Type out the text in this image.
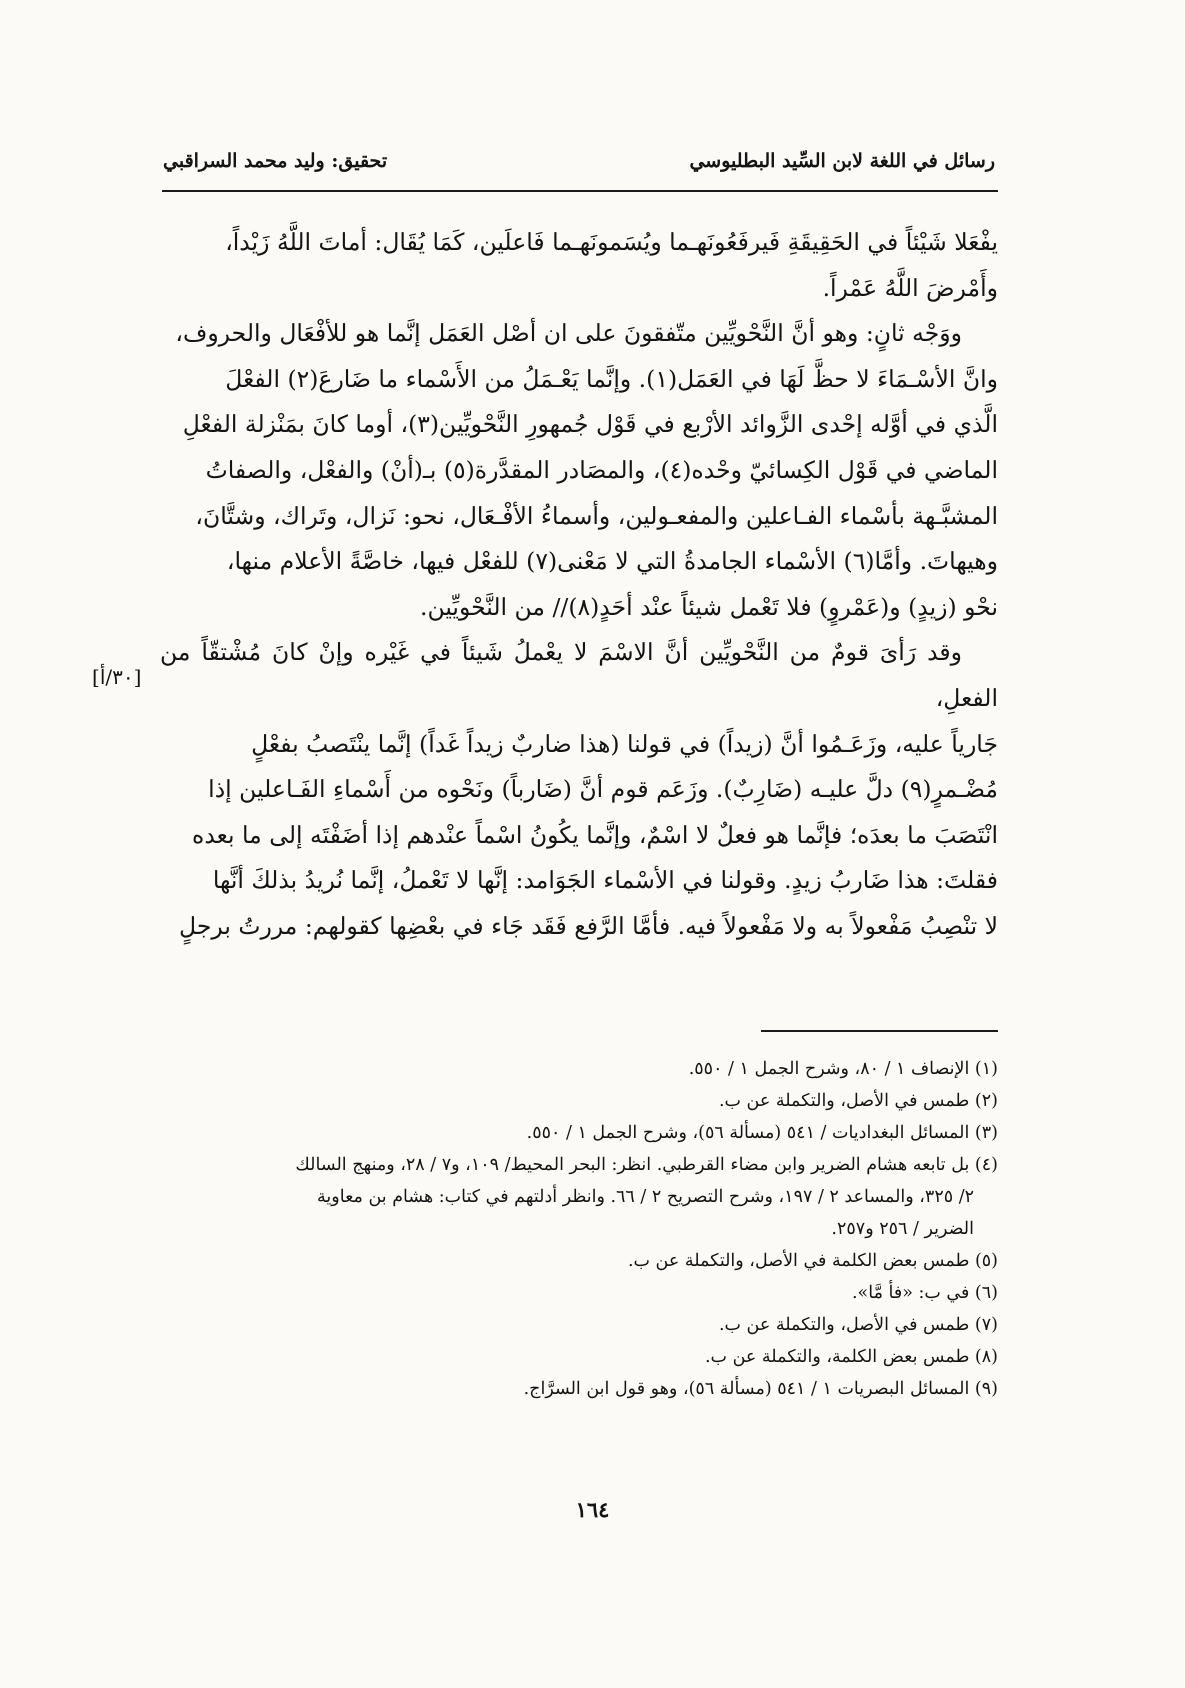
رسائل في اللغة لابن السِّيد البطليوسي
تحقيق: وليد محمد السراقبي

يفْعَلا شَيْئاً في الحَقِيقَةِ فَيرفَعُونَهـما ويُسَمونَهـما فَاعلَين، كَمَا يُقَال: أماتَ اللَّهُ زَيْداً،

وأَمْرضَ اللَّهُ عَمْراً.

ووَجْه ثانٍ: وهو أنَّ النَّحْويِّين متّفقونَ على ان أصْل العَمَل إنَّما هو للأفْعَال والحروف،

وانَّ الأسْـمَاءَ لا حظَّ لَهَا في العَمَل(١). وإنَّما يَعْـمَلُ من الأَسْماء ما ضَارعَ(٢) الفعْلَ

الَّذي في أوَّله إحْدى الزَّوائد الأرْبع في قَوْل جُمهورِ النَّحْويِّين(٣)، أوما كانَ بمَنْزلة الفعْلِ

الماضي في قَوْل الكِسائيّ وحْده(٤)، والمصَادر المقدَّرة(٥) بـ(أنْ) والفعْل، والصفاتُ

المشبَّـهة بأسْماء الفـاعلين والمفعـولين، وأسماءُ الأفْـعَال، نحو: نَزال، وتَراك، وشتَّانَ،

وهيهاتَ. وأمَّا(٦) الأسْماء الجامدةُ التي لا مَعْنى(٧) للفعْل فيها، خاصَّةً الأعلام منها،

نحْو (زيدٍ) و(عَمْروٍ) فلا تَعْمل شيئاً عنْد أحَدٍ(٨)// من النَّحْويِّين.

وقد رَأىَ قومٌ من النَّحْويِّين أنَّ الاسْمَ لا يعْملُ شَيئاً في غَيْره وإنْ كانَ مُشْتقّاً من الفعلِ،

جَارياً عليه، وزَعَـمُوا أنَّ (زيداً) في قولنا (هذا ضاربٌ زيداً غَداً) إنَّما ينْتَصبُ بفعْلٍ

مُضْـمرٍ(٩) دلَّ عليـه (ضَارِبٌ). وزَعَم قوم أنَّ (ضَارباً) ونَحْوه من أَسْماءِ الفَـاعلين إذا

انْتَصَبَ ما بعدَه؛ فإنَّما هو فعلٌ لا اسْمٌ، وإنَّما يكُونُ اسْماً عنْدهم إذا أضَفْتَه إلى ما بعده

فقلتَ: هذا ضَاربُ زيدٍ. وقولنا في الأسْماء الجَوَامد: إنَّها لا تَعْملُ، إنَّما نُريدُ بذلكَ أنَّها

لا تنْصِبُ مَفْعولاً به ولا مَفْعولاً فيه. فأمَّا الرَّفع فَقَد جَاء في بعْضِها كقولهم: مررتُ برجلٍ

[٣٠/أ]

(١) الإنصاف ١ / ٨٠، وشرح الجمل ١ / ٥٥٠.

(٢) طمس في الأصل، والتكملة عن ب.

(٣) المسائل البغداديات / ٥٤١ (مسألة ٥٦)، وشرح الجمل ١ / ٥٥٠.

(٤) بل تابعه هشام الضرير وابن مضاء القرطبي. انظر: البحر المحيط/ ١٠٩، و٧ / ٢٨، ومنهج السالك

٢/ ٣٢٥، والمساعد ٢ / ١٩٧، وشرح التصريح ٢ / ٦٦. وانظر أدلتهم في كتاب: هشام بن معاوية

الضرير / ٢٥٦ و٢٥٧.

(٥) طمس بعض الكلمة في الأصل، والتكملة عن ب.

(٦) في ب: «فأ مَّا».

(٧) طمس في الأصل، والتكملة عن ب.

(٨) طمس بعض الكلمة، والتكملة عن ب.

(٩) المسائل البصريات ١ / ٥٤١ (مسألة ٥٦)، وهو قول ابن السرَّاج.

١٦٤
